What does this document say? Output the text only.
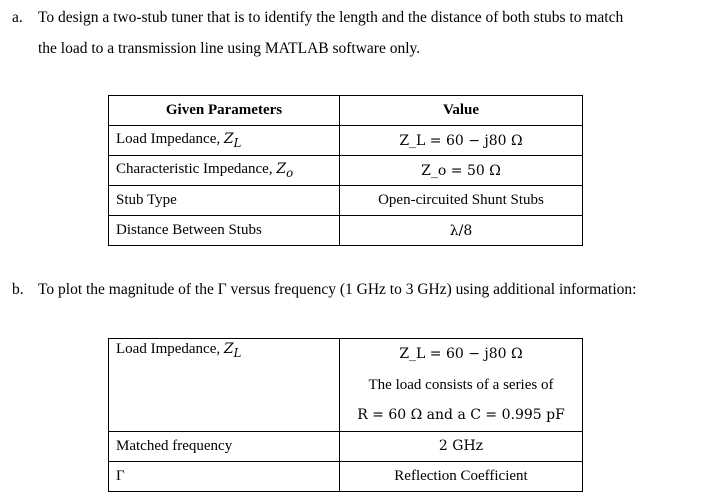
a. To design a two-stub tuner that is to identify the length and the distance of both stubs to match
the load to a transmission line using MATLAB software only.
Given Parameters	Value
Load Impedance, $Z_L$	Z_L = 60 − j80 Ω
Characteristic Impedance, $Z_o$	Z_o = 50 Ω
Stub Type	Open-circuited Shunt Stubs
Distance Between Stubs	λ/8
b. To plot the magnitude of the Γ versus frequency (1 GHz to 3 GHz) using additional information:
Load Impedance, $Z_L$	Z_L = 60 − j80 Ω
The load consists of a series of
R = 60 Ω and a C = 0.995 pF

Matched frequency	2 GHz
Γ	Reflection Coefficient
